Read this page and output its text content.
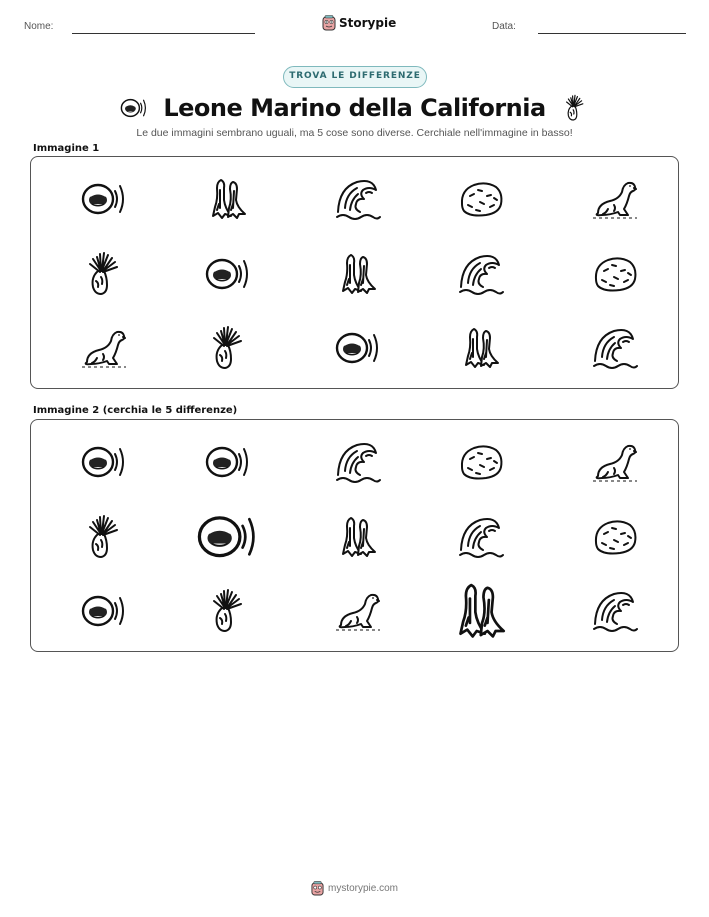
Nome:	Storypie	Data:
TROVA LE DIFFERENZE
Leone Marino della California
Le due immagini sembrano uguali, ma 5 cose sono diverse. Cerchiale nell'immagine in basso!
Immagine 1
Immagine 2 (cerchia le 5 differenze)
mystorypie.com
